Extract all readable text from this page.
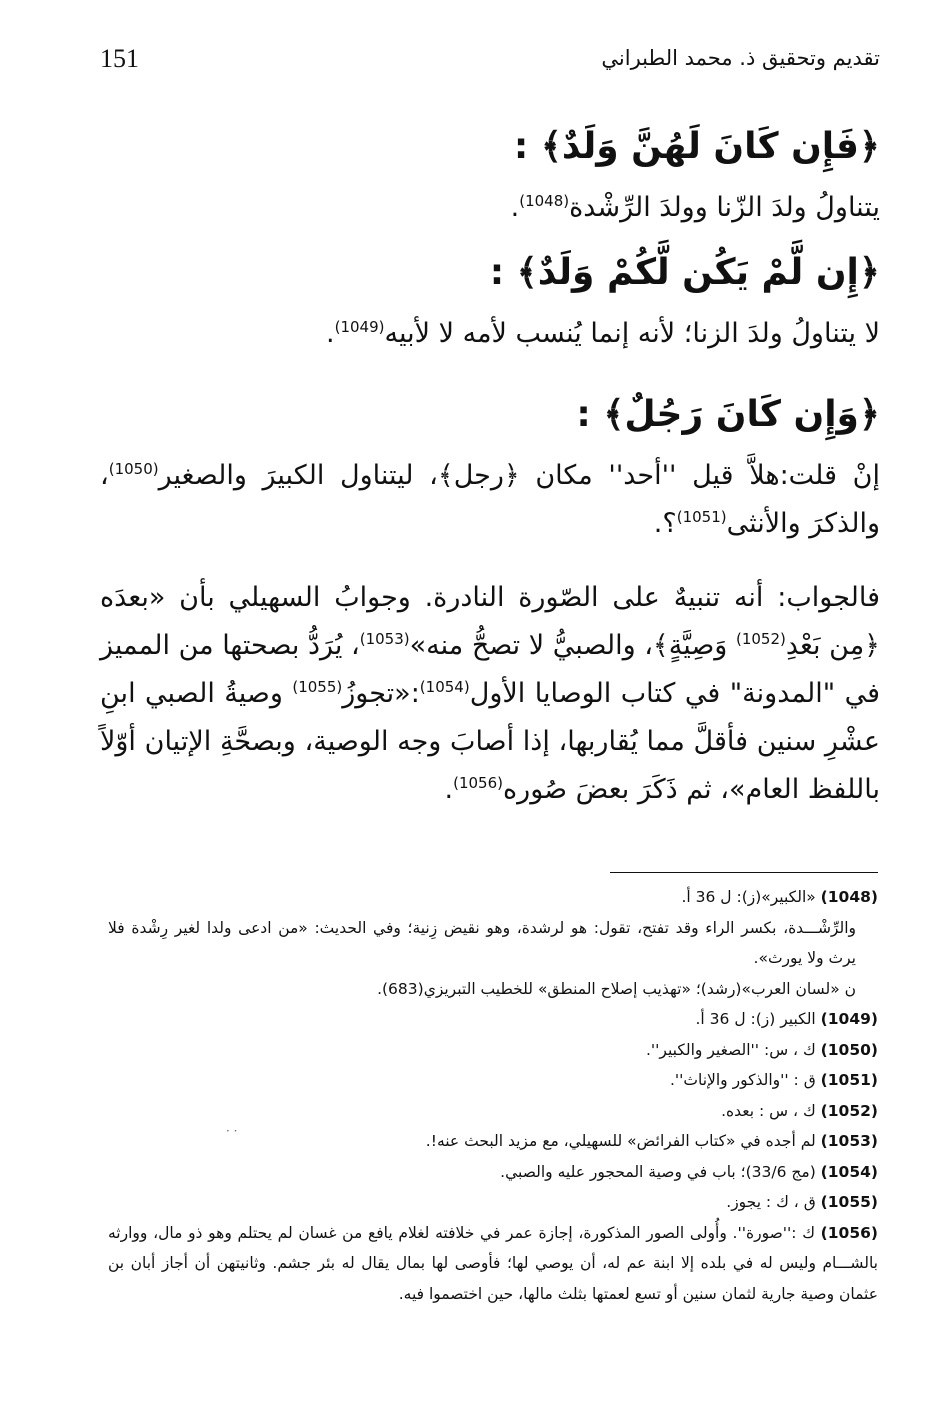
151	تقديم وتحقيق ذ. محمد الطبراني

﴿فَإِن كَانَ لَهُنَّ وَلَدٌ﴾ :

يتناولُ ولدَ الزّنا وولدَ الرِّشْدة$^{(1048)}$.

﴿إِن لَّمْ يَكُن لَّكُمْ وَلَدٌ﴾ :

لا يتناولُ ولدَ الزنا؛ لأنه إنما يُنسب لأمه لا لأبيه$^{(1049)}$.

﴿وَإِن كَانَ رَجُلٌ﴾ :

إنْ قلت:هلاَّ قيل ''أحد'' مكان ﴿رجل﴾، ليتناول الكبيرَ والصغير$^{(1050)}$، والذكرَ والأنثى$^{(1051)}$؟.

فالجواب: أنه تنبيهٌ على الصّورة النادرة. وجوابُ السهيلي بأن «بعدَه ﴿مِن بَعْدِ$^{(1052)}$ وَصِيَّةٍ﴾، والصبيُّ لا تصحُّ منه»$^{(1053)}$، يُرَدُّ بصحتها من المميز في "المدونة" في كتاب الوصايا الأول$^{(1054)}$:«تجوزُ$^{(1055)}$ وصيةُ الصبي ابنِ عشْرِ سنين فأقلَّ مما يُقاربها، إذا أصابَ وجه الوصية، وبصحَّةِ الإتيان أوّلاً باللفظ العام»، ثم ذَكَرَ بعضَ صُوره$^{(1056)}$.

(1048) «الكبير»(ز): ل 36 أ.

والرِّشْـــدة، بكسر الراء وقد تفتح، تقول: هو لرشدة، وهو نقيض زِنية؛ وفي الحديث: «من ادعى ولدا لغير رِشْدة فلا يرث ولا يورث».

ن «لسان العرب»(رشد)؛ «تهذيب إصلاح المنطق» للخطيب التبريزي(683).

(1049) الكبير (ز): ل 36 أ.

(1050) ك ، س: ''الصغير والكبير''.

(1051) ق : ''والذكور والإناث''.

(1052) ك ، س : بعده.

(1053) لم أجده في «كتاب الفرائض» للسهيلي، مع مزيد البحث عنه!.

(1054) (مج 33/6)؛ باب في وصية المحجور عليه والصبي.

(1055) ق ، ك : يجوز.

(1056) ك :''صورة''. وأُولى الصور المذكورة، إجازة عمر في خلافته لغلام يافع من غسان لم يحتلم وهو ذو مال، ووارثه بالشـــام وليس له في بلده إلا ابنة عم له، أن يوصي لها؛ فأوصى لها بمال يقال له بئر جشم. وثانيتهن أن أجاز أبان بن عثمان وصية جارية لثمان سنين أو تسع لعمتها بثلث مالها، حين اختصموا فيه.

· ·
